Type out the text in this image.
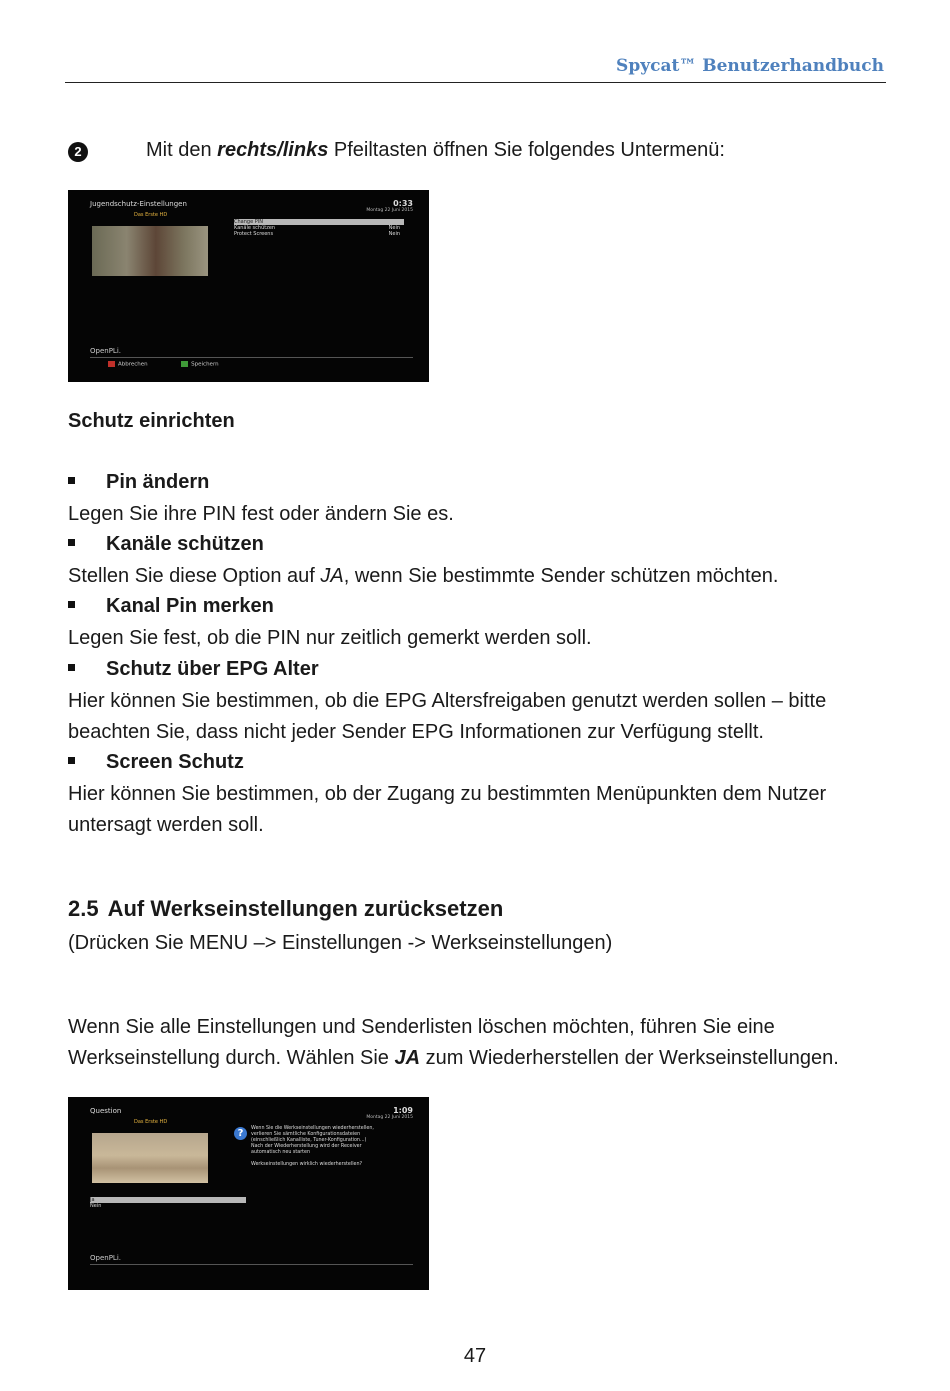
Spycat™ Benutzerhandbuch
2	Mit den rechts/links Pfeiltasten öffnen Sie folgendes Untermenü:
Jugendschutz-Einstellungen	0:33
Montag 22 Juni 2015
Das Erste HD
Change PIN
Kanäle schützen	Nein
Protect Screens	Nein
OpenPLi.
Abbrechen	Speichern
Schutz einrichten
Pin ändern
Legen Sie ihre PIN fest oder ändern Sie es.
Kanäle schützen
Stellen Sie diese Option auf JA, wenn Sie bestimmte Sender schützen möchten.
Kanal Pin merken
Legen Sie fest, ob die PIN nur zeitlich gemerkt werden soll.
Schutz über EPG Alter
Hier können Sie bestimmen, ob die EPG Altersfreigaben genutzt werden sollen – bitte
beachten Sie, dass nicht jeder Sender EPG Informationen zur Verfügung stellt.
Screen Schutz
Hier können Sie bestimmen, ob der Zugang zu bestimmten Menüpunkten dem Nutzer
untersagt werden soll.
2.5 Auf Werkseinstellungen zurücksetzen
(Drücken Sie MENU –> Einstellungen -> Werkseinstellungen)
Wenn Sie alle Einstellungen und Senderlisten löschen möchten, führen Sie eine
Werkseinstellung durch. Wählen Sie JA zum Wiederherstellen der Werkseinstellungen.
Question	1:09
Montag 22 Juni 2015
Das Erste HD
?	Wenn Sie die Werkseinstellungen wiederherstellen,
verlieren Sie sämtliche Konfigurationsdateien
(einschließlich Kanalliste, Tuner-Konfiguration...)
Nach der Wiederherstellung wird der Receiver
automatisch neu starten
Werkseinstellungen wirklich wiederherstellen?
Ja
Nein
OpenPLi.
47
